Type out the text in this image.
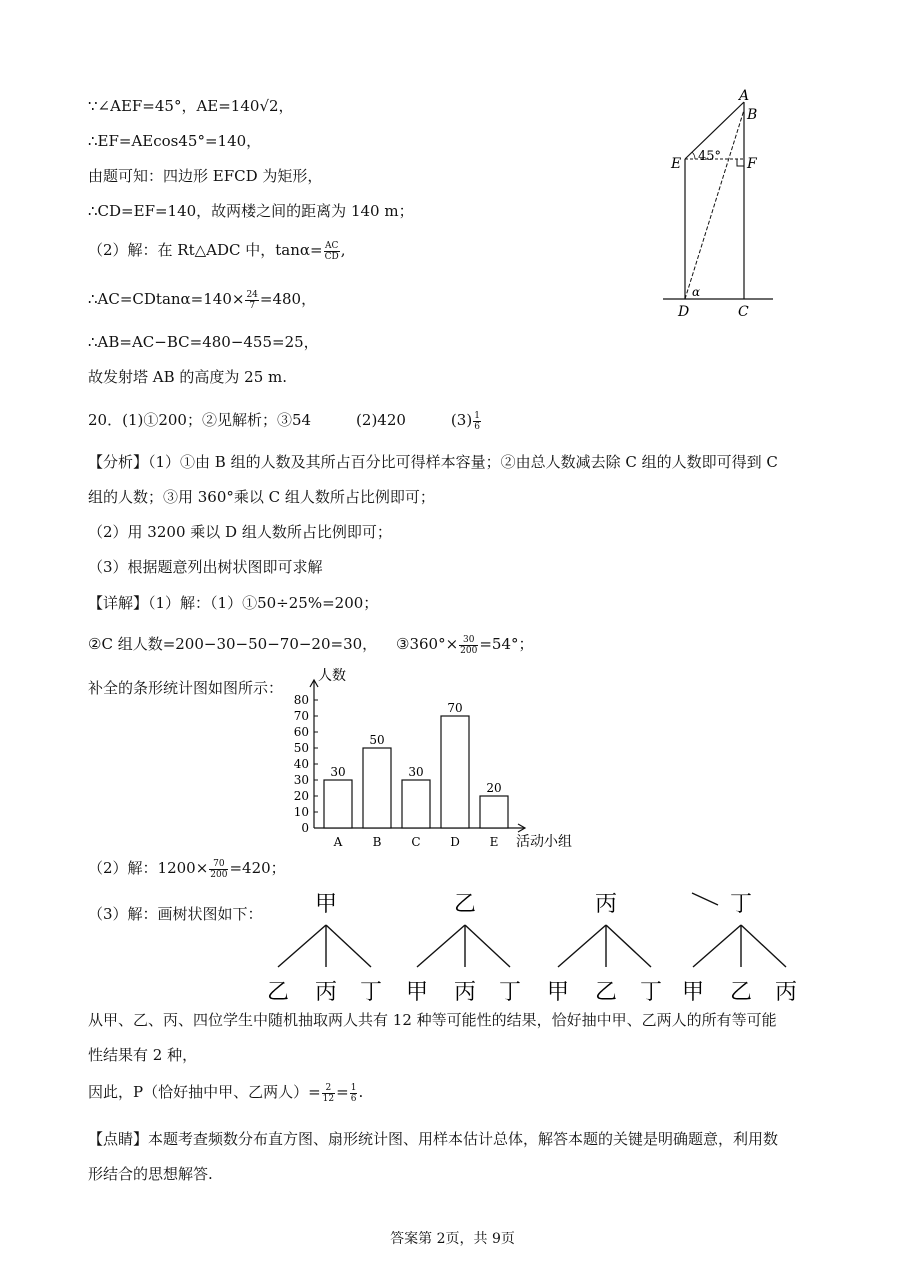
∵∠AEF=45°，AE=140√2，
∴EF=AEcos45°=140，
由题可知：四边形 EFCD 为矩形，
∴CD=EF=140，故两楼之间的距离为 140 m；
（2）解：在 Rt△ADC 中，$\tan\alpha= \frac{AC}{CD}$ ,
∴AC=CDtanα=140× $\frac{24}{7} =480$，
∴AB=AC−BC=480−455=25，
故发射塔 AB 的高度为 25 m.
A
B
E	F
45°
α
D	C
20．(1)①200；②见解析；③54　　　(2)420　　　$(3) \frac{1}{6}$
【分析】（1）①由 B 组的人数及其所占百分比可得样本容量；②由总人数减去除 C 组的人数即可得到 C
组的人数；③用 360°乘以 C 组人数所占比例即可；
（2）用 3200 乘以 D 组人数所占比例即可；
（3）根据题意列出树状图即可求解
【详解】（1）解：（1）①50÷25%=200；
②C 组人数=200−30−50−70−20=30， ③360°× $\frac{30}{200} =54^\circ$；
补全的条形统计图如图所示：
人数
活动小组
0
10
20
30
40
50
60
70
80
30
A
50
B
30
C
70
D
20
E
（2）解：$1200\times \frac{70}{200} =420$；
（3）解：画树状图如下： 甲
乙 丙 丁
乙
甲 丙 丁
丙
甲 乙 丁
丁
甲 乙 丙
从甲、乙、丙、四位学生中随机抽取两人共有 12 种等可能性的结果，恰好抽中甲、乙两人的所有等可能
性结果有 2 种，
因此，P（恰好抽中甲、乙两人）= $\frac{2}{12} = \frac{1}{6}$ .
【点睛】本题考查频数分布直方图、扇形统计图、用样本估计总体，解答本题的关键是明确题意，利用数
形结合的思想解答.
答案第 2页，共 9页
